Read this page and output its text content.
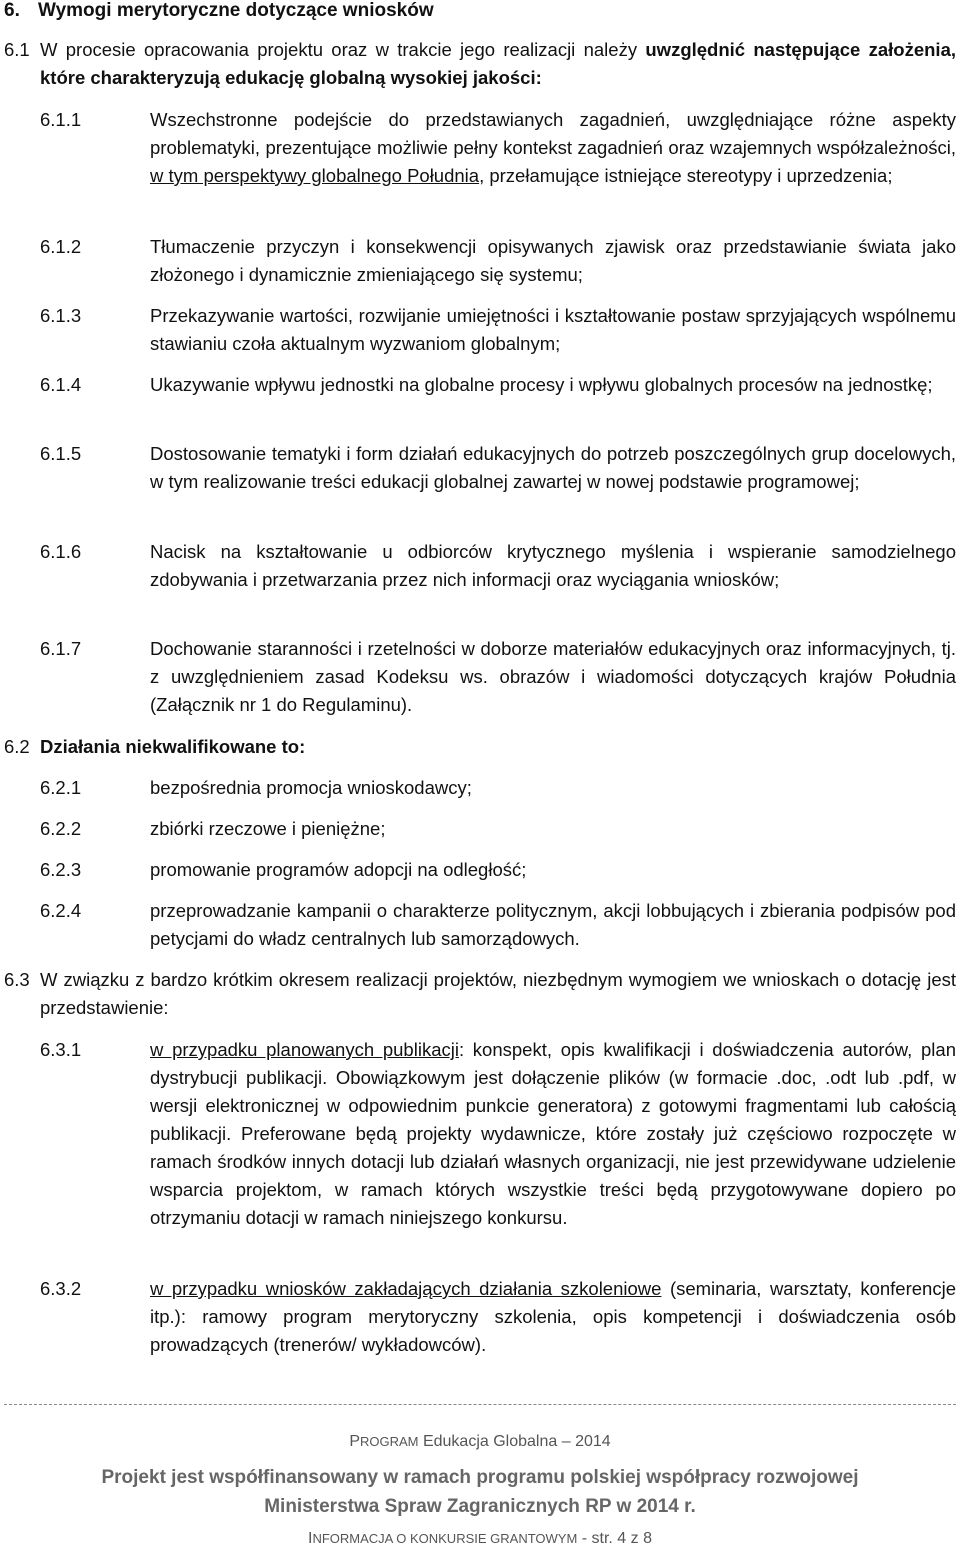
6. Wymogi merytoryczne dotyczące wniosków
6.1 W procesie opracowania projektu oraz w trakcie jego realizacji należy uwzględnić następujące założenia, które charakteryzują edukację globalną wysokiej jakości:
6.1.1	Wszechstronne podejście do przedstawianych zagadnień, uwzględniające różne aspekty problematyki, prezentujące możliwie pełny kontekst zagadnień oraz wzajemnych współzależności, w tym perspektywy globalnego Południa, przełamujące istniejące stereotypy i uprzedzenia;
6.1.2	Tłumaczenie przyczyn i konsekwencji opisywanych zjawisk oraz przedstawianie świata jako złożonego i dynamicznie zmieniającego się systemu;
6.1.3	Przekazywanie wartości, rozwijanie umiejętności i kształtowanie postaw sprzyjających wspólnemu stawianiu czoła aktualnym wyzwaniom globalnym;
6.1.4	Ukazywanie wpływu jednostki na globalne procesy i wpływu globalnych procesów na jednostkę;
6.1.5	Dostosowanie tematyki i form działań edukacyjnych do potrzeb poszczególnych grup docelowych, w tym realizowanie treści edukacji globalnej zawartej w nowej podstawie programowej;
6.1.6	Nacisk na kształtowanie u odbiorców krytycznego myślenia i wspieranie samodzielnego zdobywania i przetwarzania przez nich informacji oraz wyciągania wniosków;
6.1.7	Dochowanie staranności i rzetelności w doborze materiałów edukacyjnych oraz informacyjnych, tj. z uwzględnieniem zasad Kodeksu ws. obrazów i wiadomości dotyczących krajów Południa (Załącznik nr 1 do Regulaminu).
6.2 Działania niekwalifikowane to:
6.2.1	bezpośrednia promocja wnioskodawcy;
6.2.2	zbiórki rzeczowe i pieniężne;
6.2.3	promowanie programów adopcji na odległość;
6.2.4	przeprowadzanie kampanii o charakterze politycznym, akcji lobbujących i zbierania podpisów pod petycjami do władz centralnych lub samorządowych.
6.3 W związku z bardzo krótkim okresem realizacji projektów, niezbędnym wymogiem we wnioskach o dotację jest przedstawienie:
6.3.1	w przypadku planowanych publikacji: konspekt, opis kwalifikacji i doświadczenia autorów, plan dystrybucji publikacji. Obowiązkowym jest dołączenie plików (w formacie .doc, .odt lub .pdf, w wersji elektronicznej w odpowiednim punkcie generatora) z gotowymi fragmentami lub całością publikacji. Preferowane będą projekty wydawnicze, które zostały już częściowo rozpoczęte w ramach środków innych dotacji lub działań własnych organizacji, nie jest przewidywane udzielenie wsparcia projektom, w ramach których wszystkie treści będą przygotowywane dopiero po otrzymaniu dotacji w ramach niniejszego konkursu.
6.3.2	w przypadku wniosków zakładających działania szkoleniowe (seminaria, warsztaty, konferencje itp.): ramowy program merytoryczny szkolenia, opis kompetencji i doświadczenia osób prowadzących (trenerów/ wykładowców).
PROGRAM Edukacja Globalna – 2014
Projekt jest współfinansowany w ramach programu polskiej współpracy rozwojowej
Ministerstwa Spraw Zagranicznych RP w 2014 r.
INFORMACJA O KONKURSIE GRANTOWYM - str. 4 z 8
